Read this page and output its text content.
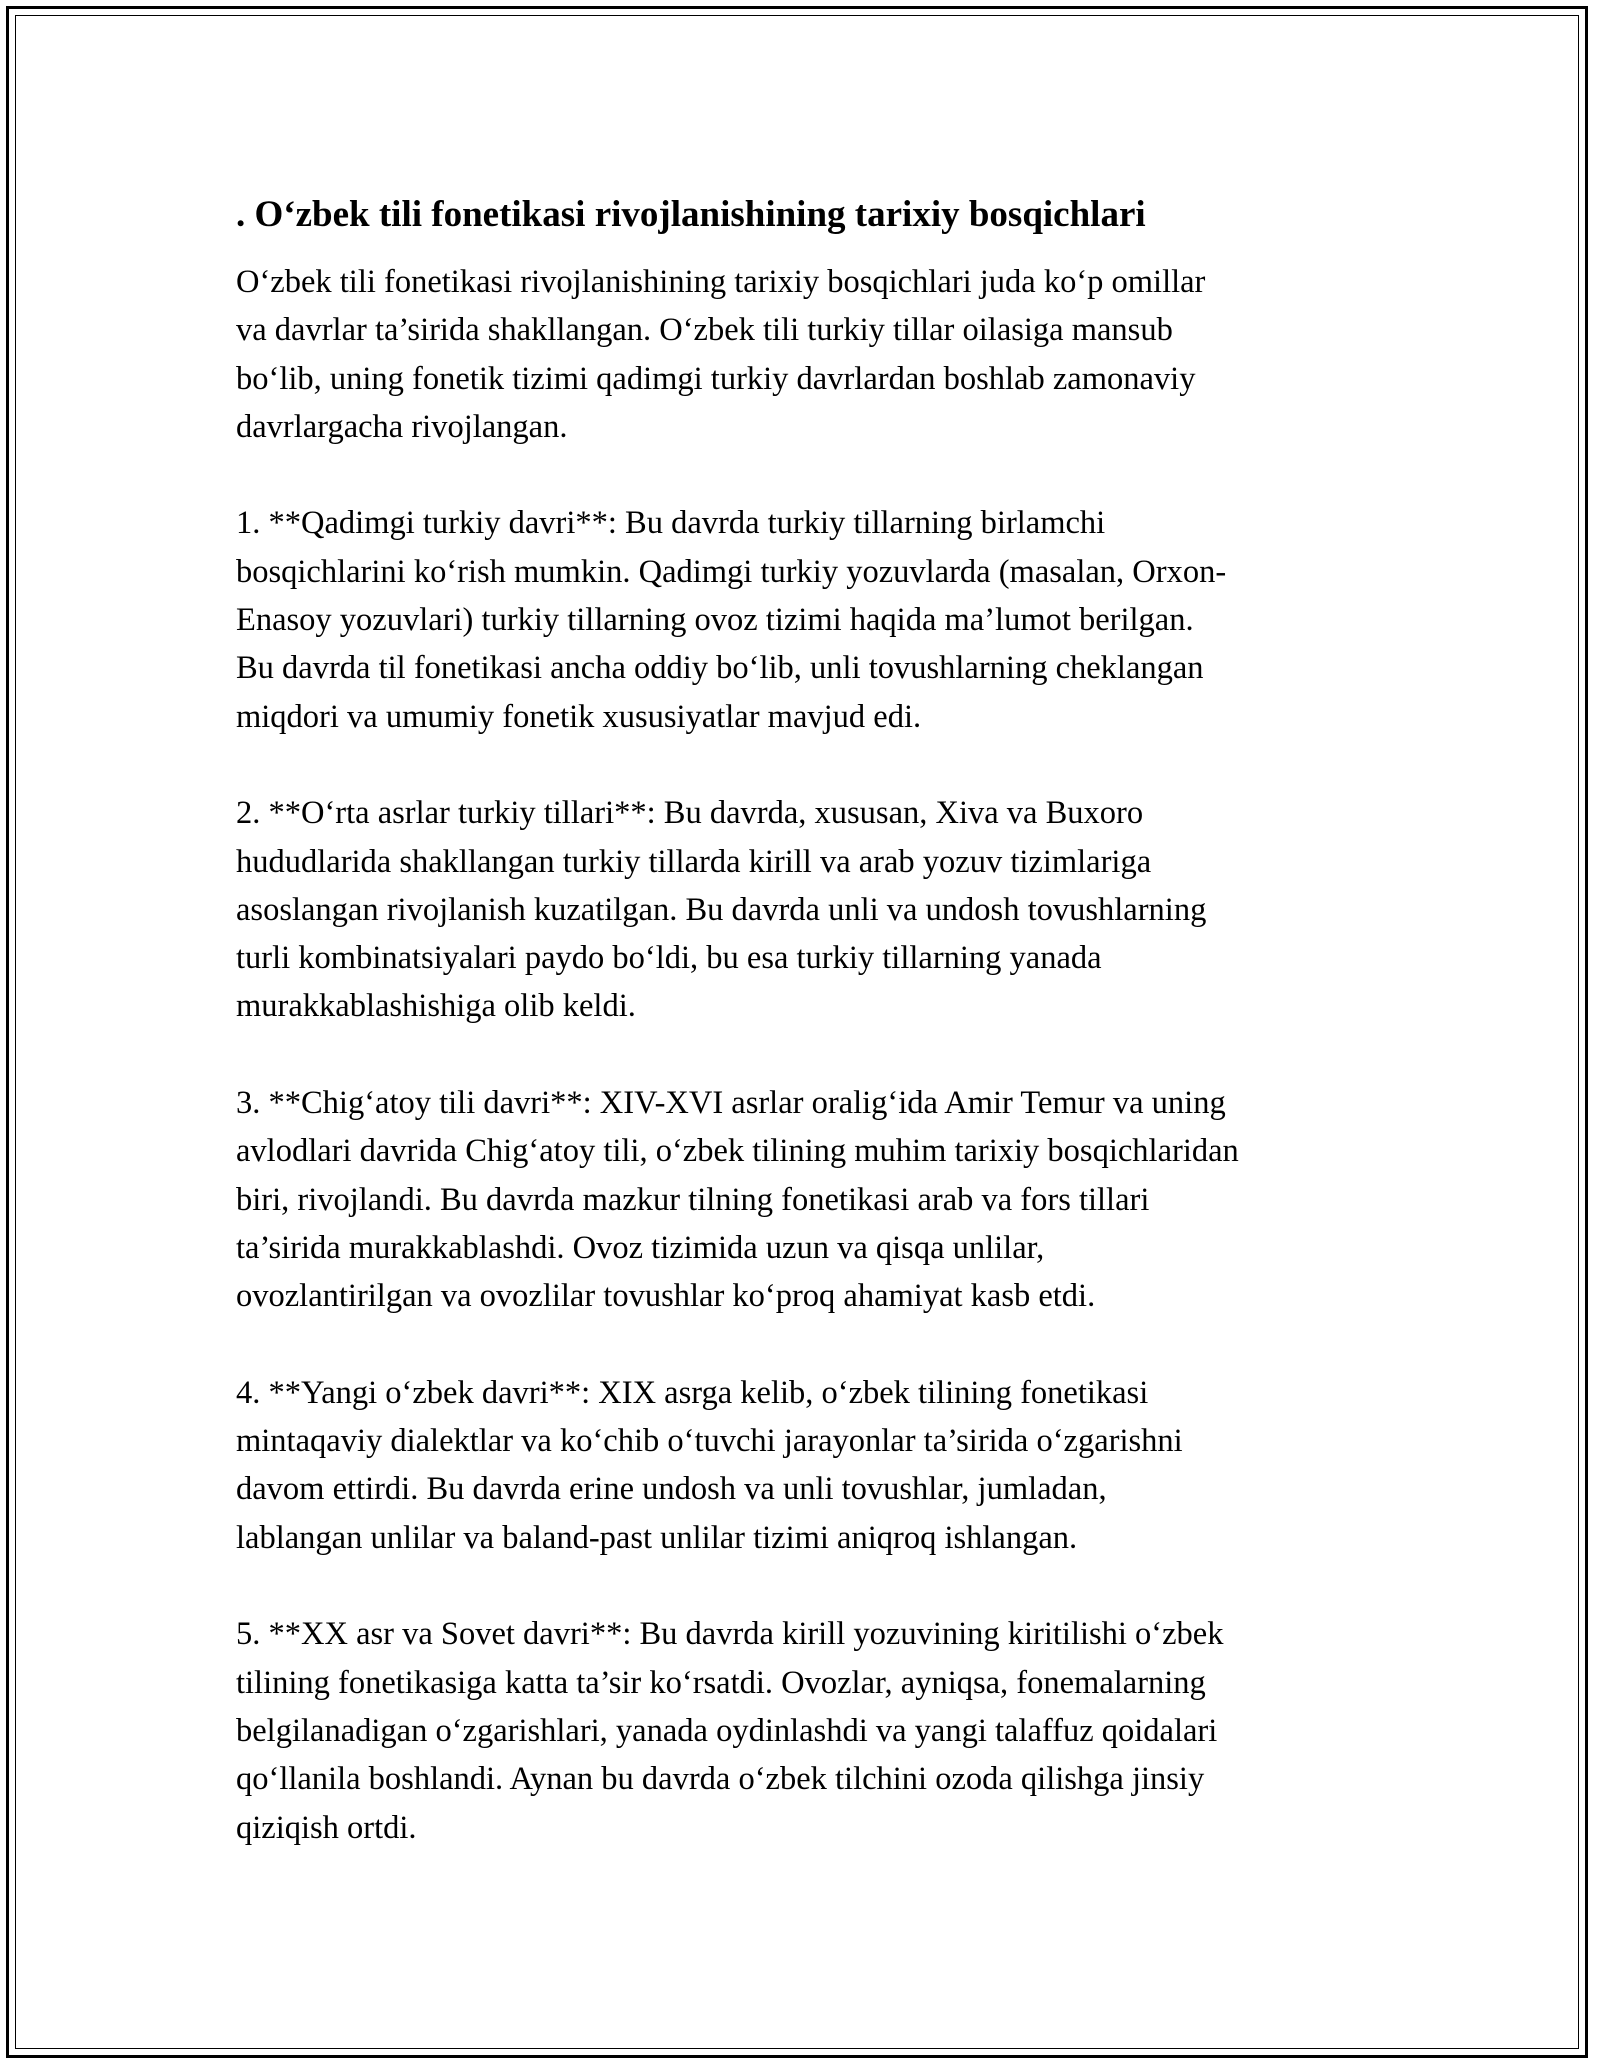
. O‘zbek tili fonetikasi rivojlanishining tarixiy bosqichlari
O‘zbek tili fonetikasi rivojlanishining tarixiy bosqichlari juda ko‘p omillar
va davrlar ta’sirida shakllangan. O‘zbek tili turkiy tillar oilasiga mansub
bo‘lib, uning fonetik tizimi qadimgi turkiy davrlardan boshlab zamonaviy
davrlargacha rivojlangan.
1. **Qadimgi turkiy davri**: Bu davrda turkiy tillarning birlamchi
bosqichlarini ko‘rish mumkin. Qadimgi turkiy yozuvlarda (masalan, Orxon-
Enasoy yozuvlari) turkiy tillarning ovoz tizimi haqida ma’lumot berilgan.
Bu davrda til fonetikasi ancha oddiy bo‘lib, unli tovushlarning cheklangan
miqdori va umumiy fonetik xususiyatlar mavjud edi.
2. **O‘rta asrlar turkiy tillari**: Bu davrda, xususan, Xiva va Buxoro
hududlarida shakllangan turkiy tillarda kirill va arab yozuv tizimlariga
asoslangan rivojlanish kuzatilgan. Bu davrda unli va undosh tovushlarning
turli kombinatsiyalari paydo bo‘ldi, bu esa turkiy tillarning yanada
murakkablashishiga olib keldi.
3. **Chig‘atoy tili davri**: XIV-XVI asrlar oralig‘ida Amir Temur va uning
avlodlari davrida Chig‘atoy tili, o‘zbek tilining muhim tarixiy bosqichlaridan
biri, rivojlandi. Bu davrda mazkur tilning fonetikasi arab va fors tillari
ta’sirida murakkablashdi. Ovoz tizimida uzun va qisqa unlilar,
ovozlantirilgan va ovozlilar tovushlar ko‘proq ahamiyat kasb etdi.
4. **Yangi o‘zbek davri**: XIX asrga kelib, o‘zbek tilining fonetikasi
mintaqaviy dialektlar va ko‘chib o‘tuvchi jarayonlar ta’sirida o‘zgarishni
davom ettirdi. Bu davrda erine undosh va unli tovushlar, jumladan,
lablangan unlilar va baland-past unlilar tizimi aniqroq ishlangan.
5. **XX asr va Sovet davri**: Bu davrda kirill yozuvining kiritilishi o‘zbek
tilining fonetikasiga katta ta’sir ko‘rsatdi. Ovozlar, ayniqsa, fonemalarning
belgilanadigan o‘zgarishlari, yanada oydinlashdi va yangi talaffuz qoidalari
qo‘llanila boshlandi. Aynan bu davrda o‘zbek tilchini ozoda qilishga jinsiy
qiziqish ortdi.
